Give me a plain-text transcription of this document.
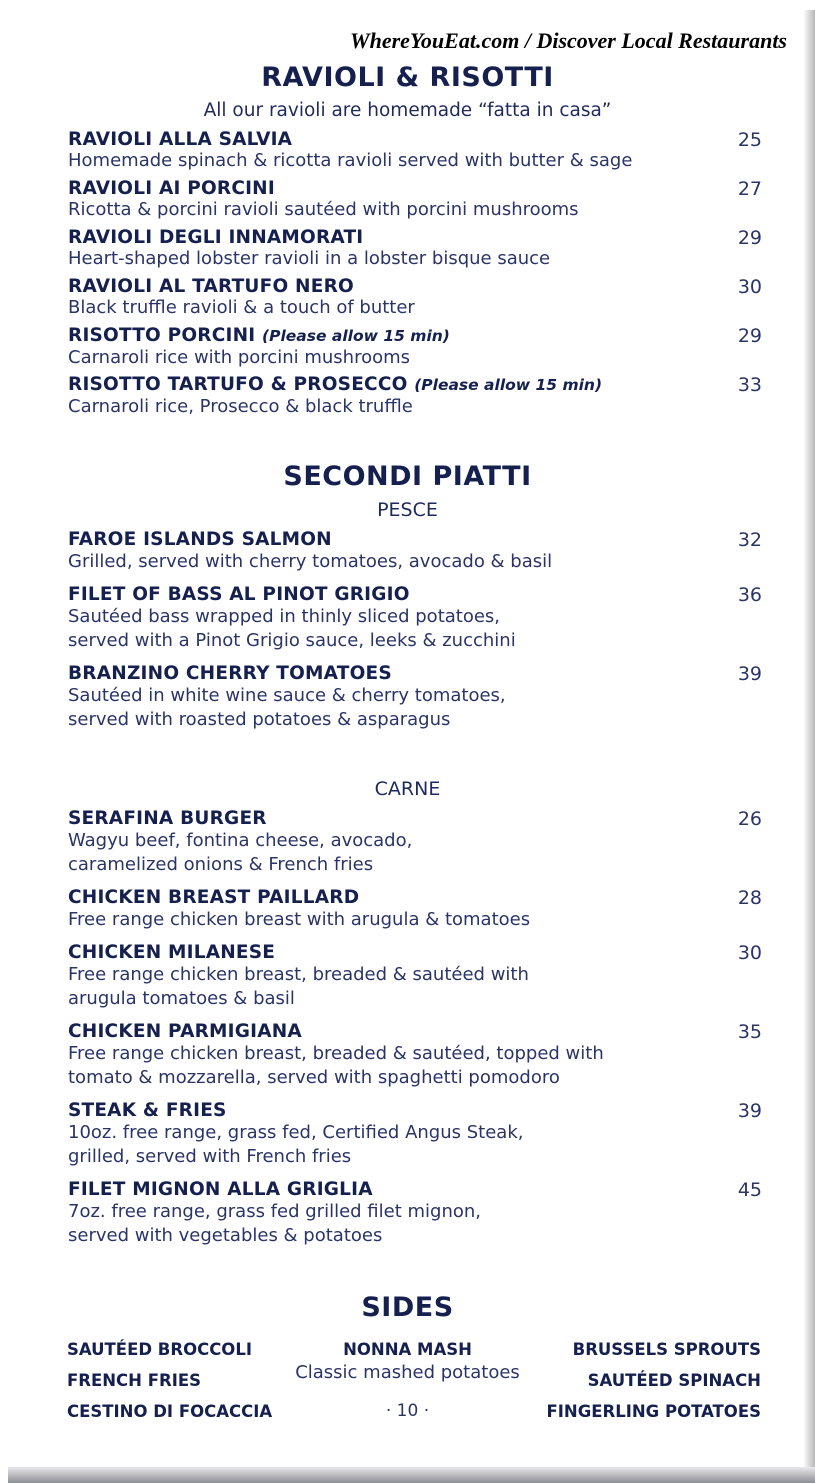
WhereYouEat.com / Discover Local Restaurants
RAVIOLI & RISOTTI
All our ravioli are homemade “fatta in casa”
RAVIOLI ALLA SALVIA
Homemade spinach & ricotta ravioli served with butter & sage
25
RAVIOLI AI PORCINI
Ricotta & porcini ravioli sautéed with porcini mushrooms
27
RAVIOLI DEGLI INNAMORATI
Heart-shaped lobster ravioli in a lobster bisque sauce
29
RAVIOLI AL TARTUFO NERO
Black truffle ravioli & a touch of butter
30
RISOTTO PORCINI (Please allow 15 min)
Carnaroli rice with porcini mushrooms
29
RISOTTO TARTUFO & PROSECCO (Please allow 15 min)
Carnaroli rice, Prosecco & black truffle
33
SECONDI PIATTI
PESCE
FAROE ISLANDS SALMON
Grilled, served with cherry tomatoes, avocado & basil
32
FILET OF BASS AL PINOT GRIGIO
Sautéed bass wrapped in thinly sliced potatoes,
served with a Pinot Grigio sauce, leeks & zucchini
36
BRANZINO CHERRY TOMATOES
Sautéed in white wine sauce & cherry tomatoes,
served with roasted potatoes & asparagus
39
CARNE
SERAFINA BURGER
Wagyu beef, fontina cheese, avocado,
caramelized onions & French fries
26
CHICKEN BREAST PAILLARD
Free range chicken breast with arugula & tomatoes
28
CHICKEN MILANESE
Free range chicken breast, breaded & sautéed with
arugula tomatoes & basil
30
CHICKEN PARMIGIANA
Free range chicken breast, breaded & sautéed, topped with
tomato & mozzarella, served with spaghetti pomodoro
35
STEAK & FRIES
10oz. free range, grass fed, Certified Angus Steak,
grilled, served with French fries
39
FILET MIGNON ALLA GRIGLIA
7oz. free range, grass fed grilled filet mignon,
served with vegetables & potatoes
45
SIDES
SAUTÉED BROCCOLI
FRENCH FRIES
CESTINO DI FOCACCIA
NONNA MASH
Classic mashed potatoes
BRUSSELS SPROUTS
SAUTÉED SPINACH
FINGERLING POTATOES
· 10 ·
